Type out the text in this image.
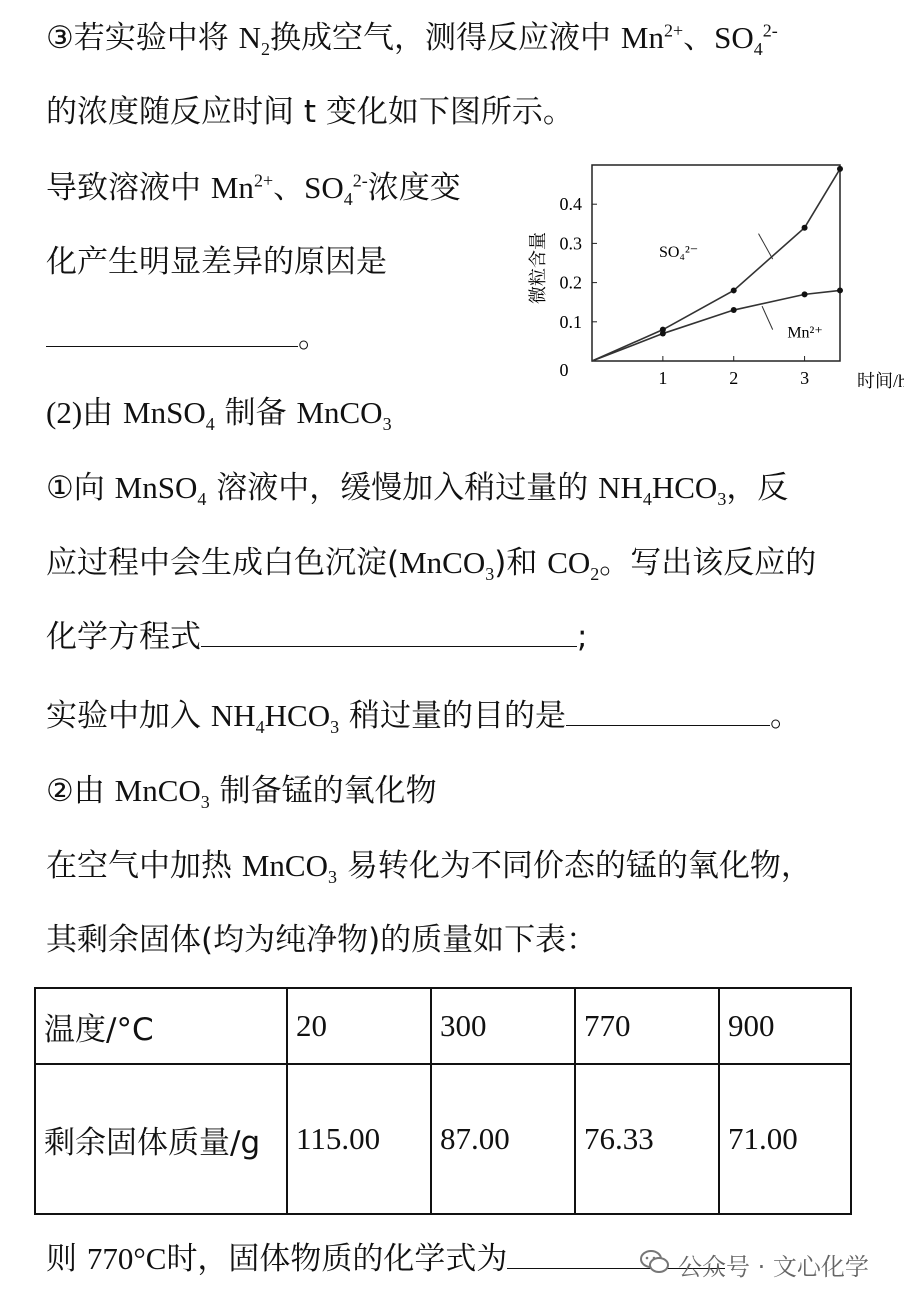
③若实验中将 $N_2$换成空气，测得反应液中 $Mn^{2+}$、$SO_4^{2-}$
的浓度随反应时间 t 变化如下图所示。
导致溶液中 $Mn^{2+}$、$SO_4^{2-}$浓度变
化产生明显差异的原因是
。
微粒含量
时间/h
0	1	2	3
0.1
0.2
0.3
0.4
SO₄²⁻
Mn²⁺
(2)由 MnSO$_4$ 制备 MnCO$_3$
①向 MnSO$_4$ 溶液中，缓慢加入稍过量的 $NH_4HCO_3$，反
应过程中会生成白色沉淀(MnCO$_3$)和 $CO_2$。写出该反应的
化学方程式	;
实验中加入 $NH_4HCO_3$ 稍过量的目的是	。
②由 MnCO$_3$ 制备锰的氧化物
在空气中加热 MnCO$_3$ 易转化为不同价态的锰的氧化物，
其剩余固体(均为纯净物)的质量如下表：
温度/°C	20	300	770	900
剩余固体质量/g	115.00	87.00	76.33	71.00
则 770°C时，固体物质的化学式为	公众号 · 文心化学
